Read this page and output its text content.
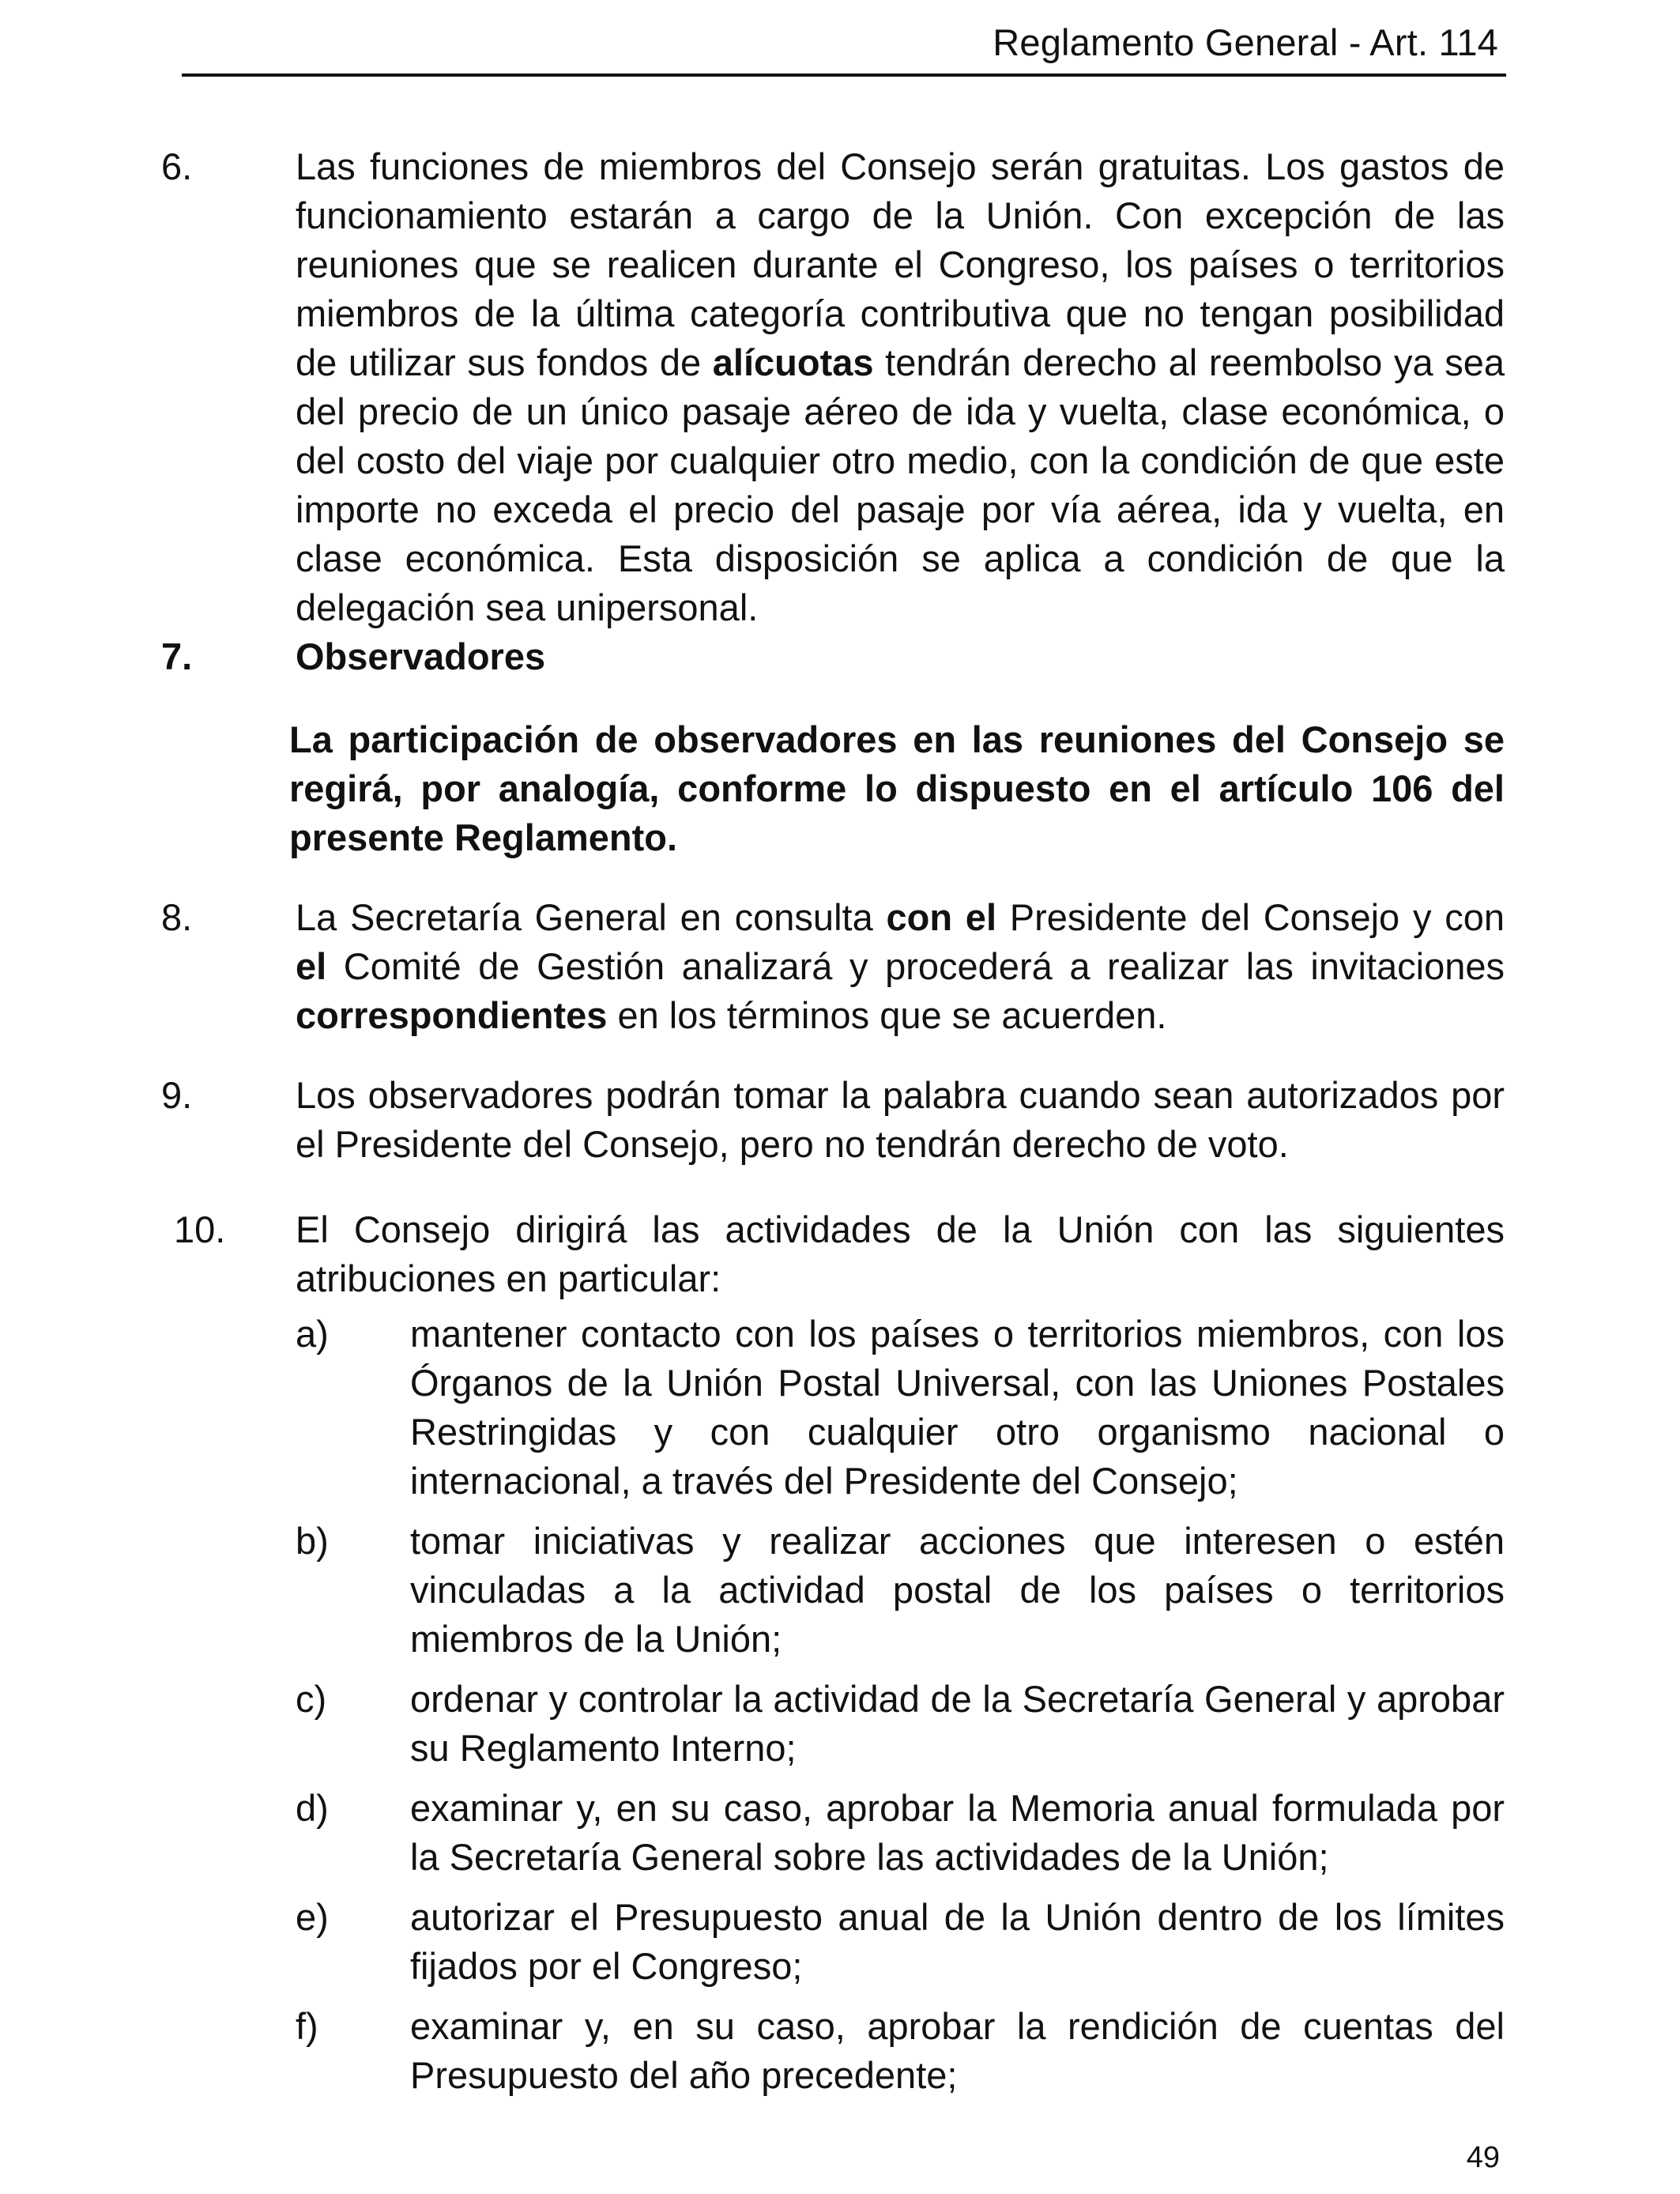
Reglamento General - Art. 114
6.	Las funciones de miembros del Consejo serán gratuitas. Los gastos de funcionamiento estarán a cargo de la Unión. Con excepción de las reuniones que se realicen durante el Congreso, los países o territorios miembros de la última categoría contributiva que no tengan posibilidad de utilizar sus fondos de alícuotas tendrán derecho al reembolso ya sea del precio de un único pasaje aéreo de ida y vuelta, clase económica, o del costo del viaje por cualquier otro medio, con la condición de que este importe no exceda el precio del pasaje por vía aérea, ida y vuelta, en clase económica. Esta disposición se aplica a condición de que la delegación sea unipersonal.
7.	Observadores
La participación de observadores en las reuniones del Consejo se regirá, por analogía, conforme lo dispuesto en el artículo 106 del presente Reglamento.
8.	La Secretaría General en consulta con el Presidente del Consejo y con el Comité de Gestión analizará y procederá a realizar las invitaciones correspondientes en los términos que se acuerden.
9.	Los observadores podrán tomar la palabra cuando sean autorizados por el Presidente del Consejo, pero no tendrán derecho de voto.
10. El Consejo dirigirá las actividades de la Unión con las siguientes atribuciones en particular:
a) mantener contacto con los países o territorios miembros, con los Órganos de la Unión Postal Universal, con las Uniones Postales Restringidas y con cualquier otro organismo nacional o internacional, a través del Presidente del Consejo;
b) tomar iniciativas y realizar acciones que interesen o estén vinculadas a la actividad postal de los países o territorios miembros de la Unión;
c) ordenar y controlar la actividad de la Secretaría General y aprobar su Reglamento Interno;
d) examinar y, en su caso, aprobar la Memoria anual formulada por la Secretaría General sobre las actividades de la Unión;
e) autorizar el Presupuesto anual de la Unión dentro de los límites fijados por el Congreso;
f) examinar y, en su caso, aprobar la rendición de cuentas del Presupuesto del año precedente;
49
